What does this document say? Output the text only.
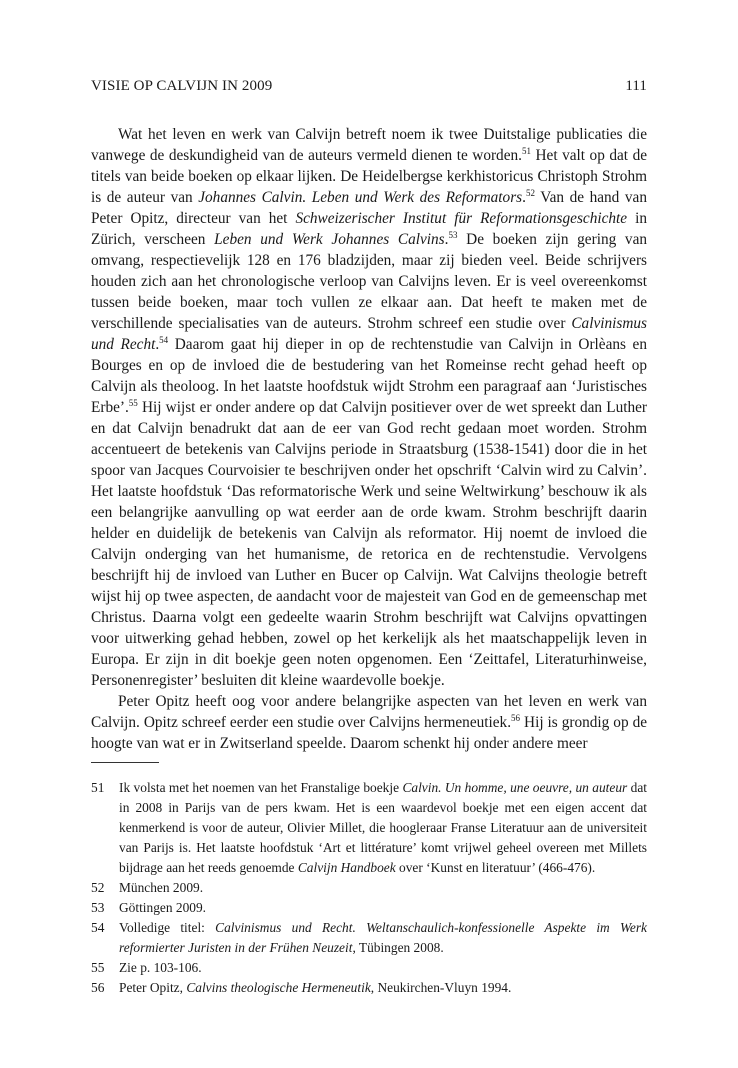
VISIE OP CALVIJN IN 2009	111

Wat het leven en werk van Calvijn betreft noem ik twee Duitstalige publicaties die vanwege de deskundigheid van de auteurs vermeld dienen te worden.$^{51}$ Het valt op dat de titels van beide boeken op elkaar lijken. De Heidelbergse kerkhistoricus Christoph Strohm is de auteur van Johannes Calvin. Leben und Werk des Reformators.$^{52}$ Van de hand van Peter Opitz, directeur van het Schweizerischer Institut für Reformationsgeschichte in Zürich, verscheen Leben und Werk Johannes Calvins.$^{53}$ De boeken zijn gering van omvang, respectievelijk 128 en 176 bladzijden, maar zij bieden veel. Beide schrijvers houden zich aan het chronologische verloop van Calvijns leven. Er is veel overeenkomst tussen beide boeken, maar toch vullen ze elkaar aan. Dat heeft te maken met de verschillende specialisaties van de auteurs. Strohm schreef een studie over Calvinismus und Recht.$^{54}$ Daarom gaat hij dieper in op de rechtenstudie van Calvijn in Orlèans en Bourges en op de invloed die de bestudering van het Romeinse recht gehad heeft op Calvijn als theoloog. In het laatste hoofdstuk wijdt Strohm een paragraaf aan ‘Juristisches Erbe’.$^{55}$ Hij wijst er onder andere op dat Calvijn positiever over de wet spreekt dan Luther en dat Calvijn benadrukt dat aan de eer van God recht gedaan moet worden. Strohm accentueert de betekenis van Calvijns periode in Straatsburg (1538-1541) door die in het spoor van Jacques Courvoisier te beschrijven onder het opschrift ‘Calvin wird zu Calvin’. Het laatste hoofdstuk ‘Das reformatorische Werk und seine Weltwirkung’ beschouw ik als een belangrijke aanvulling op wat eerder aan de orde kwam. Strohm beschrijft daarin helder en duidelijk de betekenis van Calvijn als reformator. Hij noemt de invloed die Calvijn onderging van het humanisme, de retorica en de rechtenstudie. Vervolgens beschrijft hij de invloed van Luther en Bucer op Calvijn. Wat Calvijns theologie betreft wijst hij op twee aspecten, de aandacht voor de majesteit van God en de gemeenschap met Christus. Daarna volgt een gedeelte waarin Strohm beschrijft wat Calvijns opvattingen voor uitwerking gehad hebben, zowel op het kerkelijk als het maatschappelijk leven in Europa. Er zijn in dit boekje geen noten opgenomen. Een ‘Zeittafel, Literaturhinweise, Personenregister’ besluiten dit kleine waardevolle boekje.

Peter Opitz heeft oog voor andere belangrijke aspecten van het leven en werk van Calvijn. Opitz schreef eerder een studie over Calvijns hermeneutiek.$^{56}$ Hij is grondig op de hoogte van wat er in Zwitserland speelde. Daarom schenkt hij onder andere meer

51 Ik volsta met het noemen van het Franstalige boekje Calvin. Un homme, une oeuvre, un auteur dat in 2008 in Parijs van de pers kwam. Het is een waardevol boekje met een eigen accent dat kenmerkend is voor de auteur, Olivier Millet, die hoogleraar Franse Literatuur aan de universiteit van Parijs is. Het laatste hoofdstuk ‘Art et littérature’ komt vrijwel geheel overeen met Millets bijdrage aan het reeds genoemde Calvijn Handboek over ‘Kunst en literatuur’ (466-476).
52 München 2009.
53 Göttingen 2009.
54 Volledige titel: Calvinismus und Recht. Weltanschaulich-konfessionelle Aspekte im Werk reformierter Juristen in der Frühen Neuzeit, Tübingen 2008.
55 Zie p. 103-106.
56 Peter Opitz, Calvins theologische Hermeneutik, Neukirchen-Vluyn 1994.
